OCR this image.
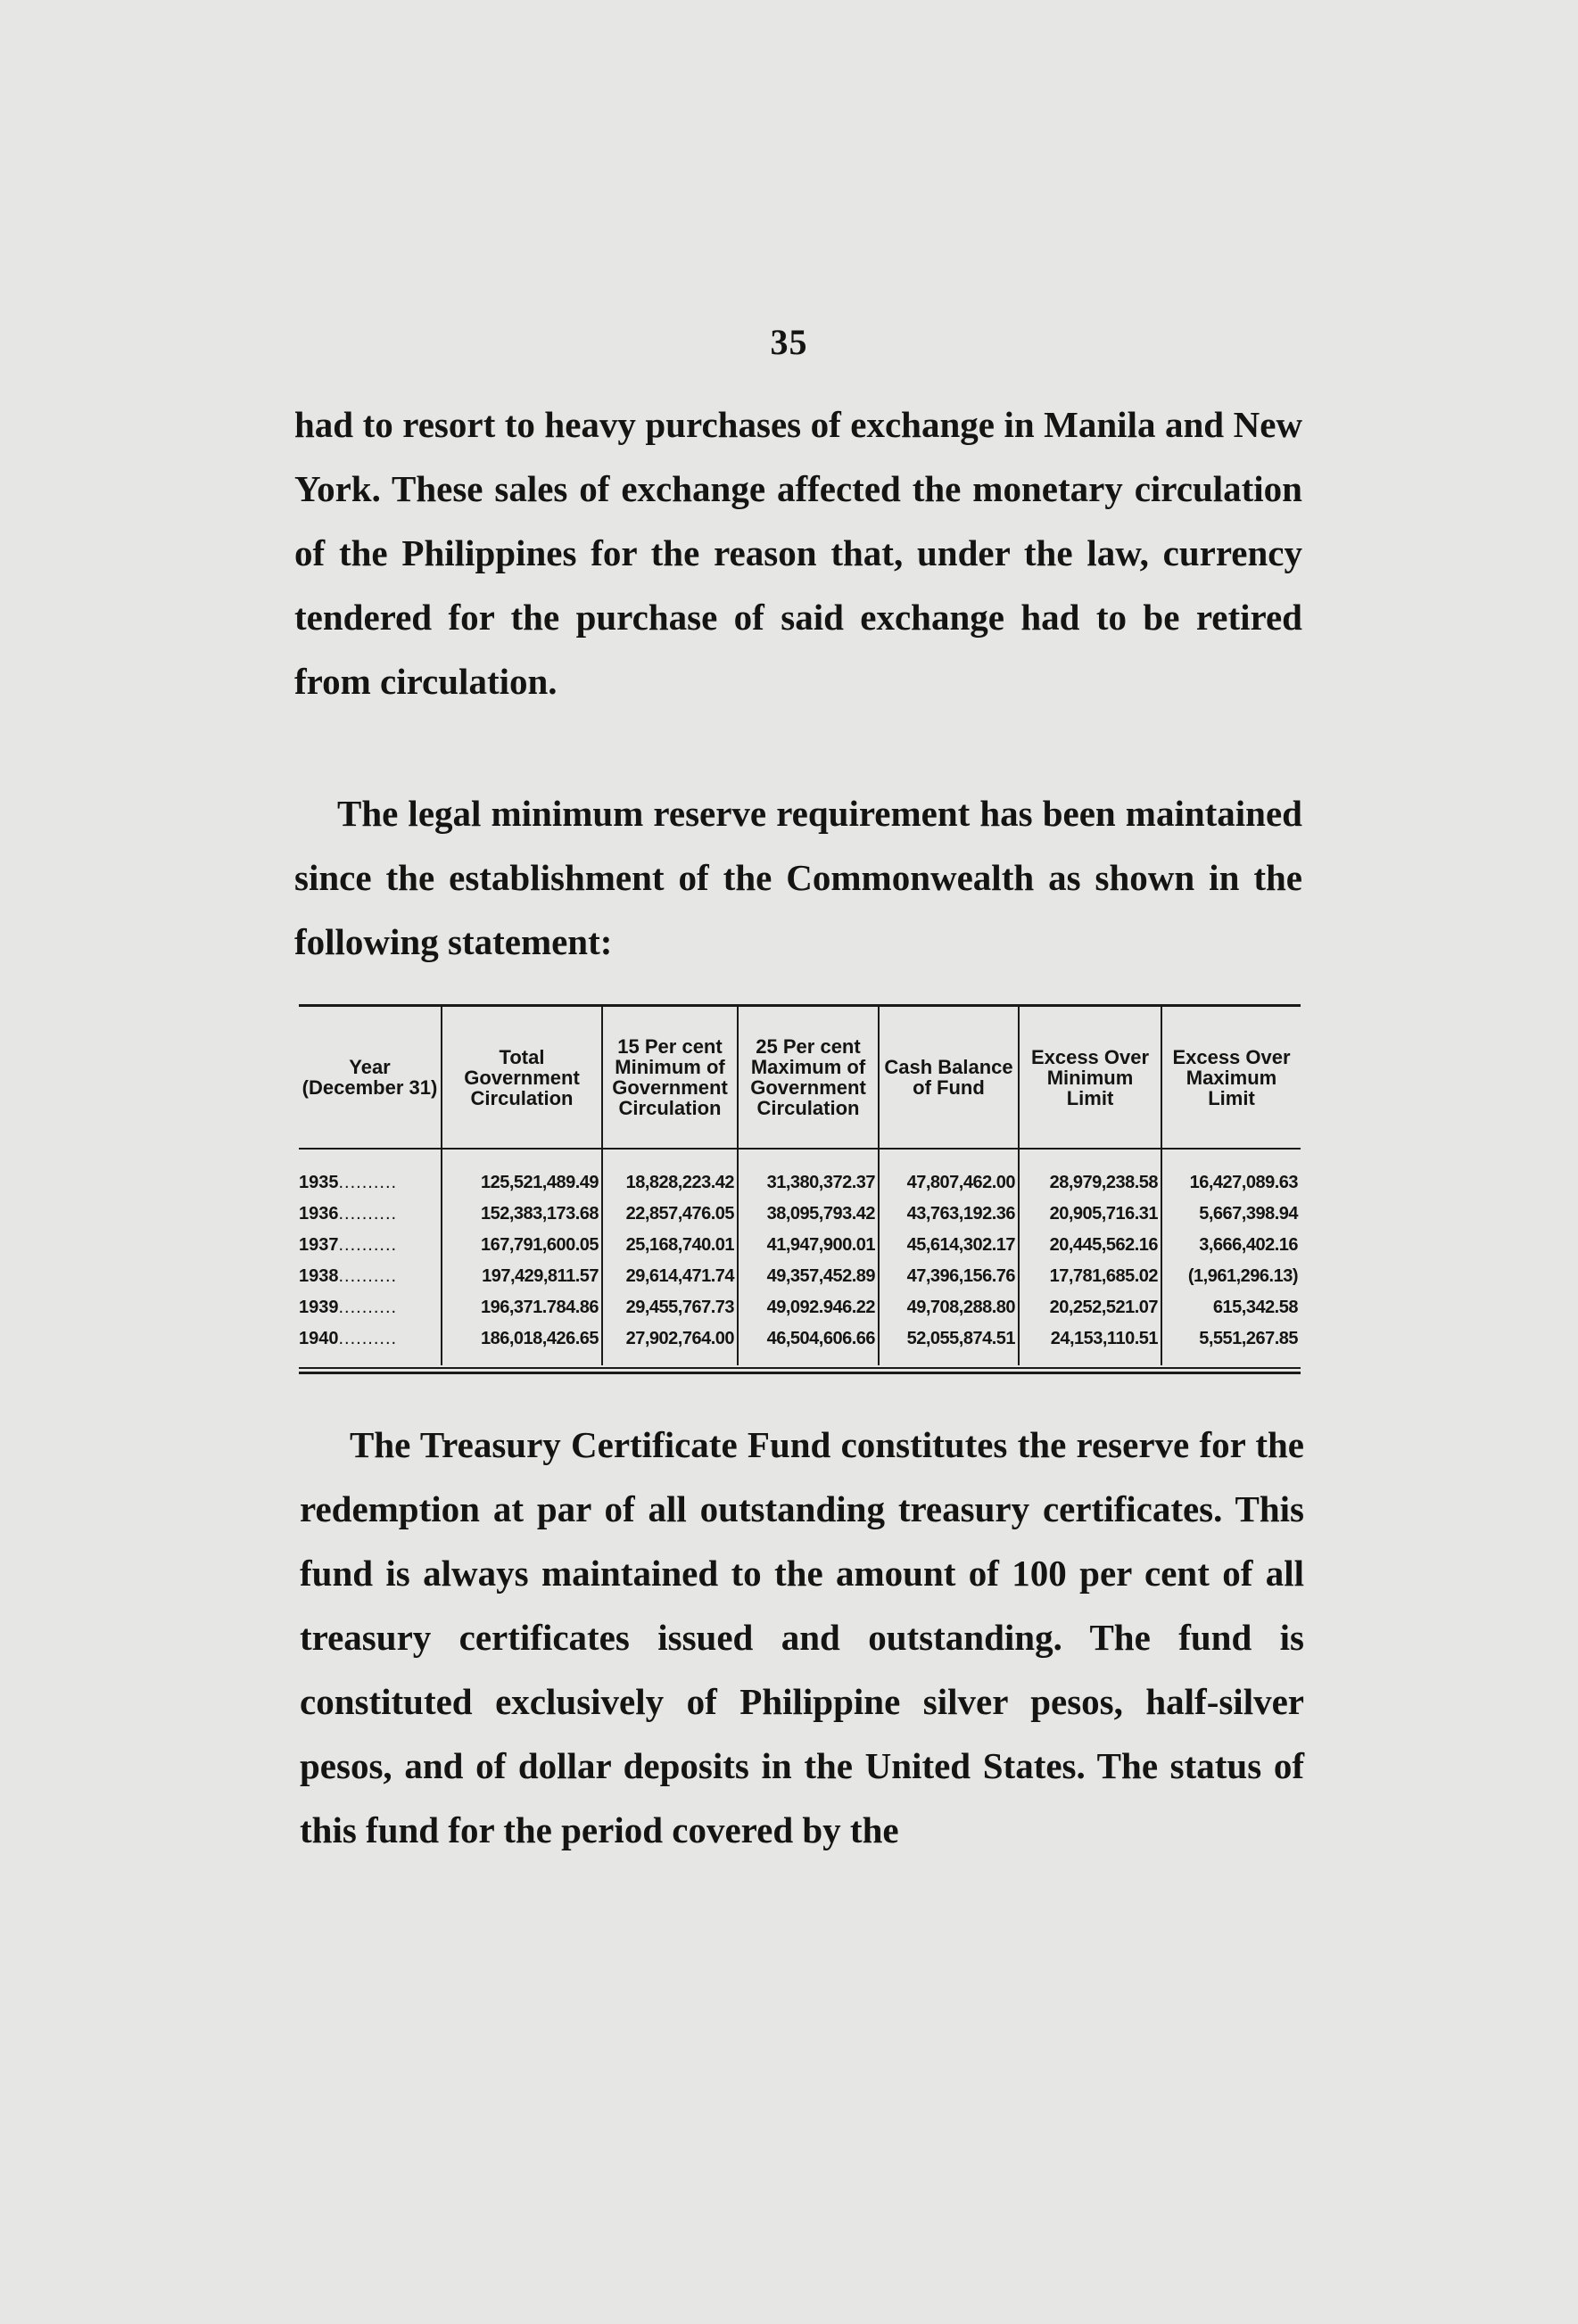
35

had to resort to heavy purchases of exchange in Manila and New York. These sales of exchange affected the monetary circulation of the Philippines for the reason that, under the law, currency tendered for the purchase of said exchange had to be retired from circulation.

The legal minimum reserve requirement has been maintained since the establishment of the Commonwealth as shown in the following statement:

Year (December 31)	Total Government Circulation	15 Per cent Minimum of Government Circulation	25 Per cent Maximum of Government Circulation	Cash Balance of Fund	Excess Over Minimum Limit	Excess Over Maximum Limit

1935..........	125,521,489.49	18,828,223.42	31,380,372.37	47,807,462.00	28,979,238.58	16,427,089.63
1936..........	152,383,173.68	22,857,476.05	38,095,793.42	43,763,192.36	20,905,716.31	5,667,398.94
1937..........	167,791,600.05	25,168,740.01	41,947,900.01	45,614,302.17	20,445,562.16	3,666,402.16
1938..........	197,429,811.57	29,614,471.74	49,357,452.89	47,396,156.76	17,781,685.02	(1,961,296.13)
1939..........	196,371.784.86	29,455,767.73	49,092.946.22	49,708,288.80	20,252,521.07	615,342.58
1940..........	186,018,426.65	27,902,764.00	46,504,606.66	52,055,874.51	24,153,110.51	5,551,267.85

The Treasury Certificate Fund constitutes the reserve for the redemption at par of all outstanding treasury certificates. This fund is always maintained to the amount of 100 per cent of all treasury certificates issued and outstanding. The fund is constituted exclusively of Philippine silver pesos, half-silver pesos, and of dollar deposits in the United States. The status of this fund for the period covered by the
